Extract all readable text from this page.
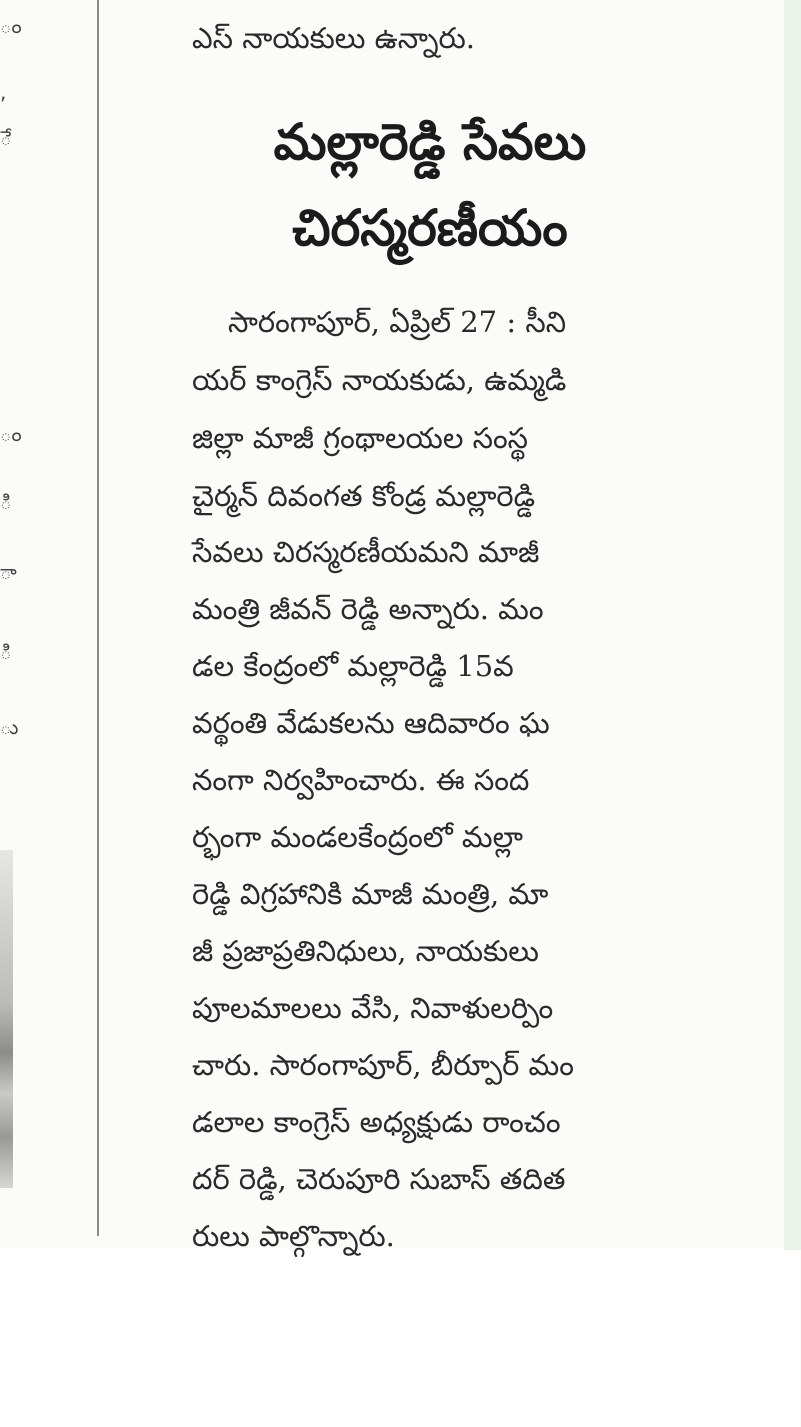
ం
,
ే
ం
ి
ా
ి
ు
ఎస్ నాయకులు ఉన్నారు.
మల్లారెడ్డి సేవలు
చిరస్మరణీయం
సారంగాపూర్, ఏప్రిల్ 27 : సీని
యర్ కాంగ్రెస్ నాయకుడు, ఉమ్మడి
జిల్లా మాజీ గ్రంథాలయల సంస్థ
చైర్మన్ దివంగత కోండ్ర మల్లారెడ్డి
సేవలు చిరస్మరణీయమని మాజీ
మంత్రి జీవన్ రెడ్డి అన్నారు. మం
డల కేంద్రంలో మల్లారెడ్డి 15వ
వర్థంతి వేడుకలను ఆదివారం ఘ
నంగా నిర్వహించారు. ఈ సంద
ర్భంగా మండలకేంద్రంలో మల్లా
రెడ్డి విగ్రహానికి మాజీ మంత్రి, మా
జీ ప్రజాప్రతినిధులు, నాయకులు
పూలమాలలు వేసి, నివాళులర్పిం
చారు. సారంగాపూర్, బీర్పూర్ మం
డలాల కాంగ్రెస్ అధ్యక్షుడు రాంచం
దర్ రెడ్డి, చెరుపూరి సుబాస్ తదిత
రులు పాల్గొన్నారు.
